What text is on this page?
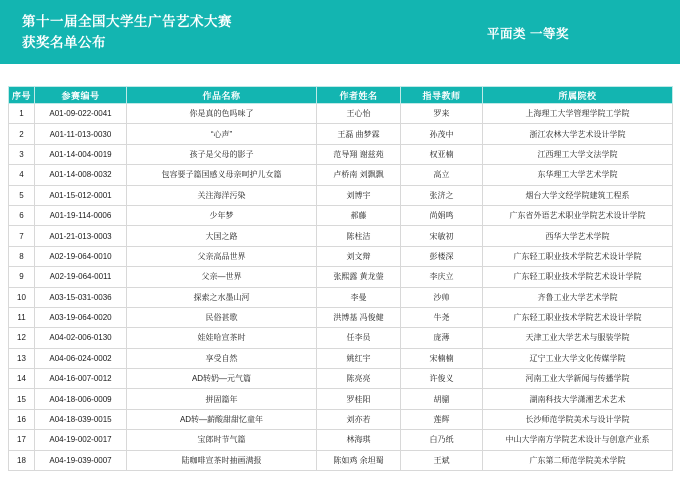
第十一届全国大学生广告艺术大赛
获奖名单公布
平面类 一等奖
序号	参赛编号	作品名称	作者姓名	指导教师	所属院校
1	A01-09-022-0041	你是真的色吗味了	王心怡	罗来	上海理工大学管理学院工学院
2	A01-11-013-0030	“心声”	王磊 曲梦霖	孙茂中	浙江农林大学艺术设计学院
3	A01-14-004-0019	孩子是父母的影子	范导翔 谢兹苑	权亚楠	江西理工大学文法学院
4	A01-14-008-0032	包容要子篇国感义母亲呵护儿女篇	卢桥南 刘飘飘	高立	东华理工大学艺术学院
5	A01-15-012-0001	关注海洋污染	刘博宇	张济之	烟台大学文经学院建筑工程系
6	A01-19-114-0006	少年梦	郝藤	尚娟鸣	广东省外语艺术职业学院艺术设计学院
7	A01-21-013-0003	大国之路	陈柱洁	宋敏初	西华大学艺术学院
8	A02-19-064-0010	父亲高品世界	刘文辩	彭楼深	广东轻工职业技术学院艺术设计学院
9	A02-19-064-0011	父亲—世界	张熙露 黄龙蓥	李庆立	广东轻工职业技术学院艺术设计学院
10	A03-15-031-0036	探索之水墨山河	李曼	沙帅	齐鲁工业大学艺术学院
11	A03-19-064-0020	民俗甚歌	洪博基 冯俊健	牛尧	广东轻工职业技术学院艺术设计学院
12	A04-02-006-0130	娃娃哈宣茶时	任李员	庞薄	天津工业大学艺术与服装学院
13	A04-06-024-0002	享受自然	姚红宇	宋楠楠	辽宁工业大学文化传媒学院
14	A04-16-007-0012	AD转奶—元气篇	陈亮亮	许俊义	河南工业大学新闻与传播学院
15	A04-18-006-0009	拼固篇年	罗桂阳	胡骝	湖南科技大学潇湘艺术艺术
16	A04-18-039-0015	AD转—薪酸甜甜忆童年	刘亦若	莲辉	长沙师范学院美术与设计学院
17	A04-19-002-0017	宝郎时节气篇	林海琪	白乃纸	中山大学南方学院艺术设计与创意产业系
18	A04-19-039-0007	陆咖啡宣茶时抽画满报	陈如鸡 余坦蜀	王斌	广东第二师范学院美术学院
